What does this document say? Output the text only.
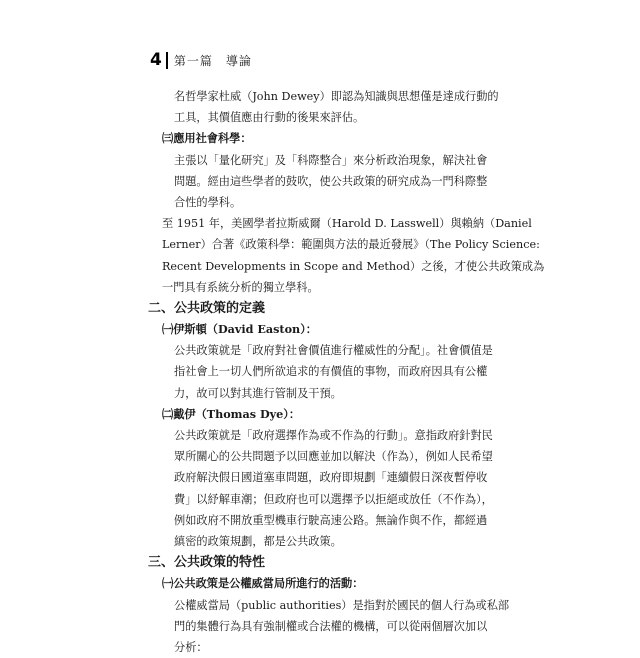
4 第一篇　導論
名哲學家杜威（John Dewey）即認為知識與思想僅是達成行動的
工具，其價值應由行動的後果來評估。
㈢應用社會科學：
主張以「量化研究」及「科際整合」來分析政治現象，解決社會
問題。經由這些學者的鼓吹，使公共政策的研究成為一門科際整
合性的學科。
至 1951 年，美國學者拉斯威爾（Harold D. Lasswell）與賴納（Daniel
Lerner）合著《政策科學：範圍與方法的最近發展》（The Policy Science:
Recent Developments in Scope and Method）之後，才使公共政策成為
一門具有系統分析的獨立學科。
二、公共政策的定義
㈠伊斯頓（David Easton）：
公共政策就是「政府對社會價值進行權威性的分配」。社會價值是
指社會上一切人們所欲追求的有價值的事物，而政府因具有公權
力，故可以對其進行管制及干預。
㈡戴伊（Thomas Dye）：
公共政策就是「政府選擇作為或不作為的行動」。意指政府針對民
眾所關心的公共問題予以回應並加以解決（作為），例如人民希望
政府解決假日國道塞車問題，政府即規劃「連續假日深夜暫停收
費」以紓解車潮；但政府也可以選擇予以拒絕或放任（不作為），
例如政府不開放重型機車行駛高速公路。無論作與不作，都經過
縝密的政策規劃，都是公共政策。
三、公共政策的特性
㈠公共政策是公權威當局所進行的活動：
公權威當局（public authorities）是指對於國民的個人行為或私部
門的集體行為具有強制權或合法權的機構，可以從兩個層次加以
分析：
